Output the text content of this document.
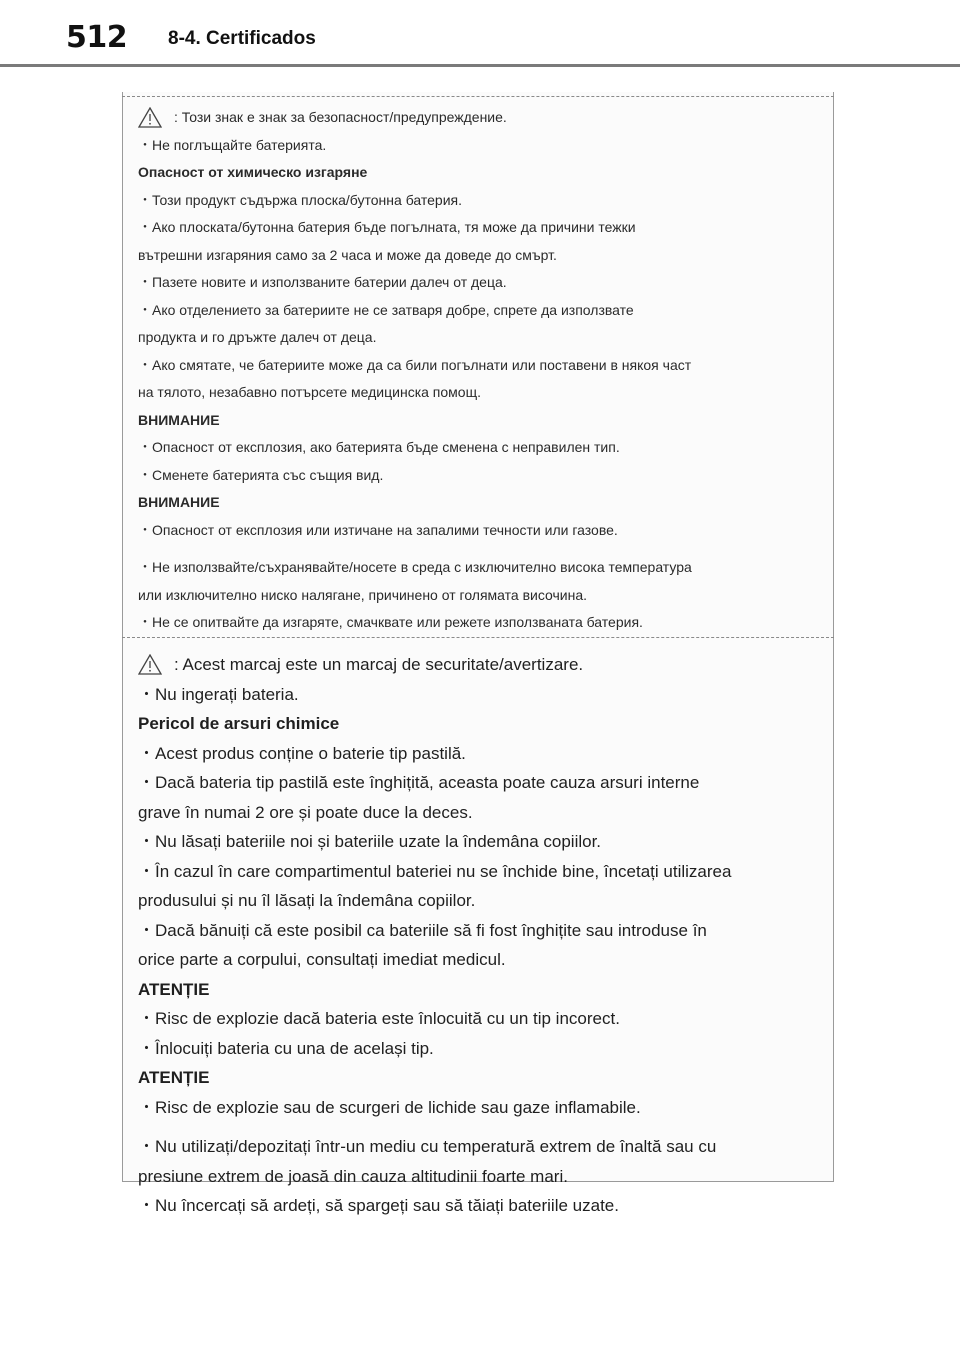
512 8-4. Certificados
: Този знак е знак за безопасност/предупреждение.
・Не поглъщайте батерията.
Опасност от химическо изгаряне
・Този продукт съдържа плоска/бутонна батерия.
・Ако плоската/бутонна батерия бъде погълната, тя може да причини тежки
вътрешни изгаряния само за 2 часа и може да доведе до смърт.
・Пазете новите и използваните батерии далеч от деца.
・Ако отделението за батериите не се затваря добре, спрете да използвате
продукта и го дръжте далеч от деца.
・Ако смятате, че батериите може да са били погълнати или поставени в някоя част
на тялото, незабавно потърсете медицинска помощ.
ВНИМАНИЕ
・Опасност от експлозия, ако батерията бъде сменена с неправилен тип.
・Сменете батерията със същия вид.
ВНИМАНИЕ
・Опасност от експлозия или изтичане на запалими течности или газове.
・Не използвайте/съхранявайте/носете в среда с изключително висока температура
или изключително ниско налягане, причинено от голямата височина.
・Не се опитвайте да изгаряте, смачквате или режете използваната батерия.
: Acest marcaj este un marcaj de securitate/avertizare.
・Nu ingerați bateria.
Pericol de arsuri chimice
・Acest produs conține o baterie tip pastilă.
・Dacă bateria tip pastilă este înghițită, aceasta poate cauza arsuri interne
grave în numai 2 ore și poate duce la deces.
・Nu lăsați bateriile noi și bateriile uzate la îndemâna copiilor.
・În cazul în care compartimentul bateriei nu se închide bine, încetați utilizarea
produsului și nu îl lăsați la îndemâna copiilor.
・Dacă bănuiți că este posibil ca bateriile să fi fost înghițite sau introduse în
orice parte a corpului, consultați imediat medicul.
ATENȚIE
・Risc de explozie dacă bateria este înlocuită cu un tip incorect.
・Înlocuiți bateria cu una de același tip.
ATENȚIE
・Risc de explozie sau de scurgeri de lichide sau gaze inflamabile.
・Nu utilizați/depozitați într-un mediu cu temperatură extrem de înaltă sau cu
presiune extrem de joasă din cauza altitudinii foarte mari.
・Nu încercați să ardeți, să spargeți sau să tăiați bateriile uzate.
